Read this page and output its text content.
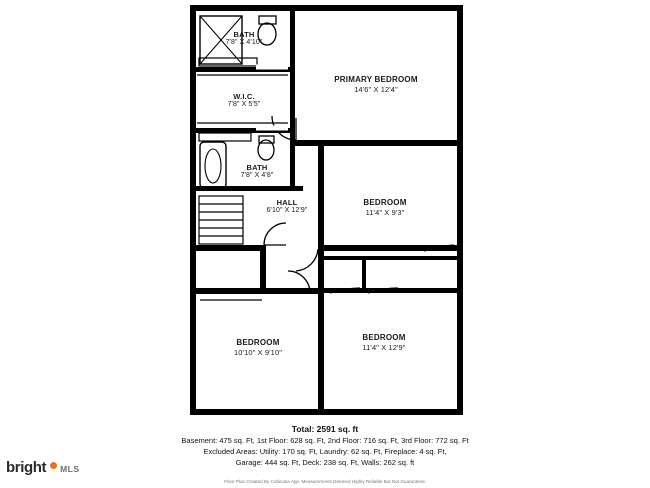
BATH
7'8" X 4'10"
W.I.C.
7'8" X 5'5"
BATH
7'8" X 4'8"
HALL
6'10" X 12'9"
PRIMARY BEDROOM
14'6" X 12'4"
BEDROOM
11'4" X 9'3"
BEDROOM
11'4" X 12'9"
BEDROOM
10'10" X 9'10"
Total: 2591 sq. ft
Basement: 475 sq. Ft, 1st Floor: 628 sq. Ft, 2nd Floor: 716 sq. Ft, 3rd Floor: 772 sq. Ft
Excluded Areas: Utility: 170 sq. Ft, Laundry: 62 sq. Ft, Fireplace: 4 sq. Ft,
Garage: 444 sq. Ft, Deck: 238 sq. Ft, Walls: 262 sq. ft
Floor Plan Created By Cubicasa App. Measurements Deemed Highly Reliable But Not Guaranteed.
bright MLS
